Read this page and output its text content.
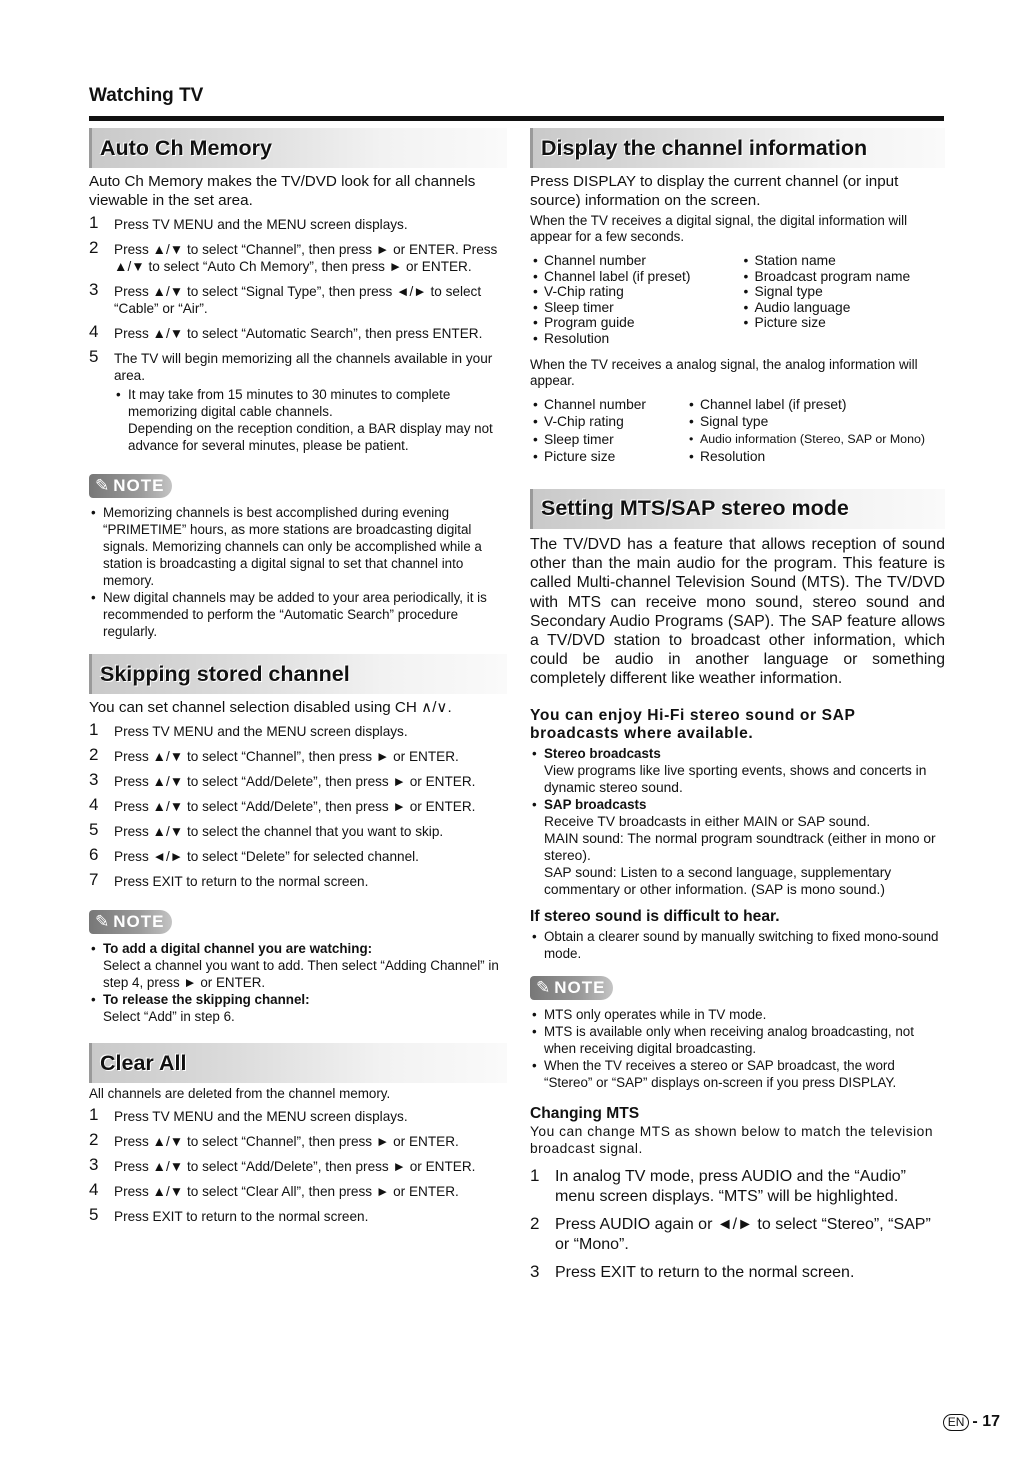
Watching TV
Auto Ch Memory
Auto Ch Memory makes the TV/DVD look for all channels viewable in the set area.
1 Press TV MENU and the MENU screen displays.
2 Press ▲/▼ to select “Channel”, then press ► or ENTER. Press ▲/▼ to select “Auto Ch Memory”, then press ► or ENTER.
3 Press ▲/▼ to select “Signal Type”, then press ◄/► to select “Cable” or “Air”.
4 Press ▲/▼ to select “Automatic Search”, then press ENTER.
5 The TV will begin memorizing all the channels available in your area.
• It may take from 15 minutes to 30 minutes to complete memorizing digital cable channels.
Depending on the reception condition, a BAR display may not advance for several minutes, please be patient.
✎ NOTE
• Memorizing channels is best accomplished during evening “PRIMETIME” hours, as more stations are broadcasting digital signals. Memorizing channels can only be accomplished while a station is broadcasting a digital signal to set that channel into memory.
• New digital channels may be added to your area periodically, it is recommended to perform the “Automatic Search” procedure regularly.
Skipping stored channel
You can set channel selection disabled using CH ∧/∨.
1 Press TV MENU and the MENU screen displays.
2 Press ▲/▼ to select “Channel”, then press ► or ENTER.
3 Press ▲/▼ to select “Add/Delete”, then press ► or ENTER.
4 Press ▲/▼ to select “Add/Delete”, then press ► or ENTER.
5 Press ▲/▼ to select the channel that you want to skip.
6 Press ◄/► to select “Delete” for selected channel.
7 Press EXIT to return to the normal screen.
✎ NOTE
• To add a digital channel you are watching:
Select a channel you want to add. Then select “Adding Channel” in step 4, press ► or ENTER.
• To release the skipping channel:
Select “Add” in step 6.
Clear All
All channels are deleted from the channel memory.
1 Press TV MENU and the MENU screen displays.
2 Press ▲/▼ to select “Channel”, then press ► or ENTER.
3 Press ▲/▼ to select “Add/Delete”, then press ► or ENTER.
4 Press ▲/▼ to select “Clear All”, then press ► or ENTER.
5 Press EXIT to return to the normal screen.
Display the channel information
Press DISPLAY to display the current channel (or input source) information on the screen.
When the TV receives a digital signal, the digital information will appear for a few seconds.
• Channel number	• Station name
• Channel label (if preset)	• Broadcast program name
• V-Chip rating	• Signal type
• Sleep timer	• Audio language
• Program guide	• Picture size
• Resolution
When the TV receives a analog signal, the analog information will appear.
• Channel number	• Channel label (if preset)
• V-Chip rating	• Signal type
• Sleep timer	• Audio information (Stereo, SAP or Mono)
• Picture size	• Resolution
Setting MTS/SAP stereo mode
The TV/DVD has a feature that allows reception of sound other than the main audio for the program. This feature is called Multi-channel Television Sound (MTS). The TV/DVD with MTS can receive mono sound, stereo sound and Secondary Audio Programs (SAP). The SAP feature allows a TV/DVD station to broadcast other information, which could be audio in another language or something completely different like weather information.
You can enjoy Hi-Fi stereo sound or SAP broadcasts where available.
• Stereo broadcasts
View programs like live sporting events, shows and concerts in dynamic stereo sound.
• SAP broadcasts
Receive TV broadcasts in either MAIN or SAP sound.
MAIN sound: The normal program soundtrack (either in mono or stereo).
SAP sound: Listen to a second language, supplementary commentary or other information. (SAP is mono sound.)
If stereo sound is difficult to hear.
• Obtain a clearer sound by manually switching to fixed mono-sound mode.
✎ NOTE
• MTS only operates while in TV mode.
• MTS is available only when receiving analog broadcasting, not when receiving digital broadcasting.
• When the TV receives a stereo or SAP broadcast, the word “Stereo” or “SAP” displays on-screen if you press DISPLAY.
Changing MTS
You can change MTS as shown below to match the television broadcast signal.
1 In analog TV mode, press AUDIO and the “Audio” menu screen displays. “MTS” will be highlighted.
2 Press AUDIO again or ◄/► to select “Stereo”, “SAP” or “Mono”.
3 Press EXIT to return to the normal screen.
EN - 17
